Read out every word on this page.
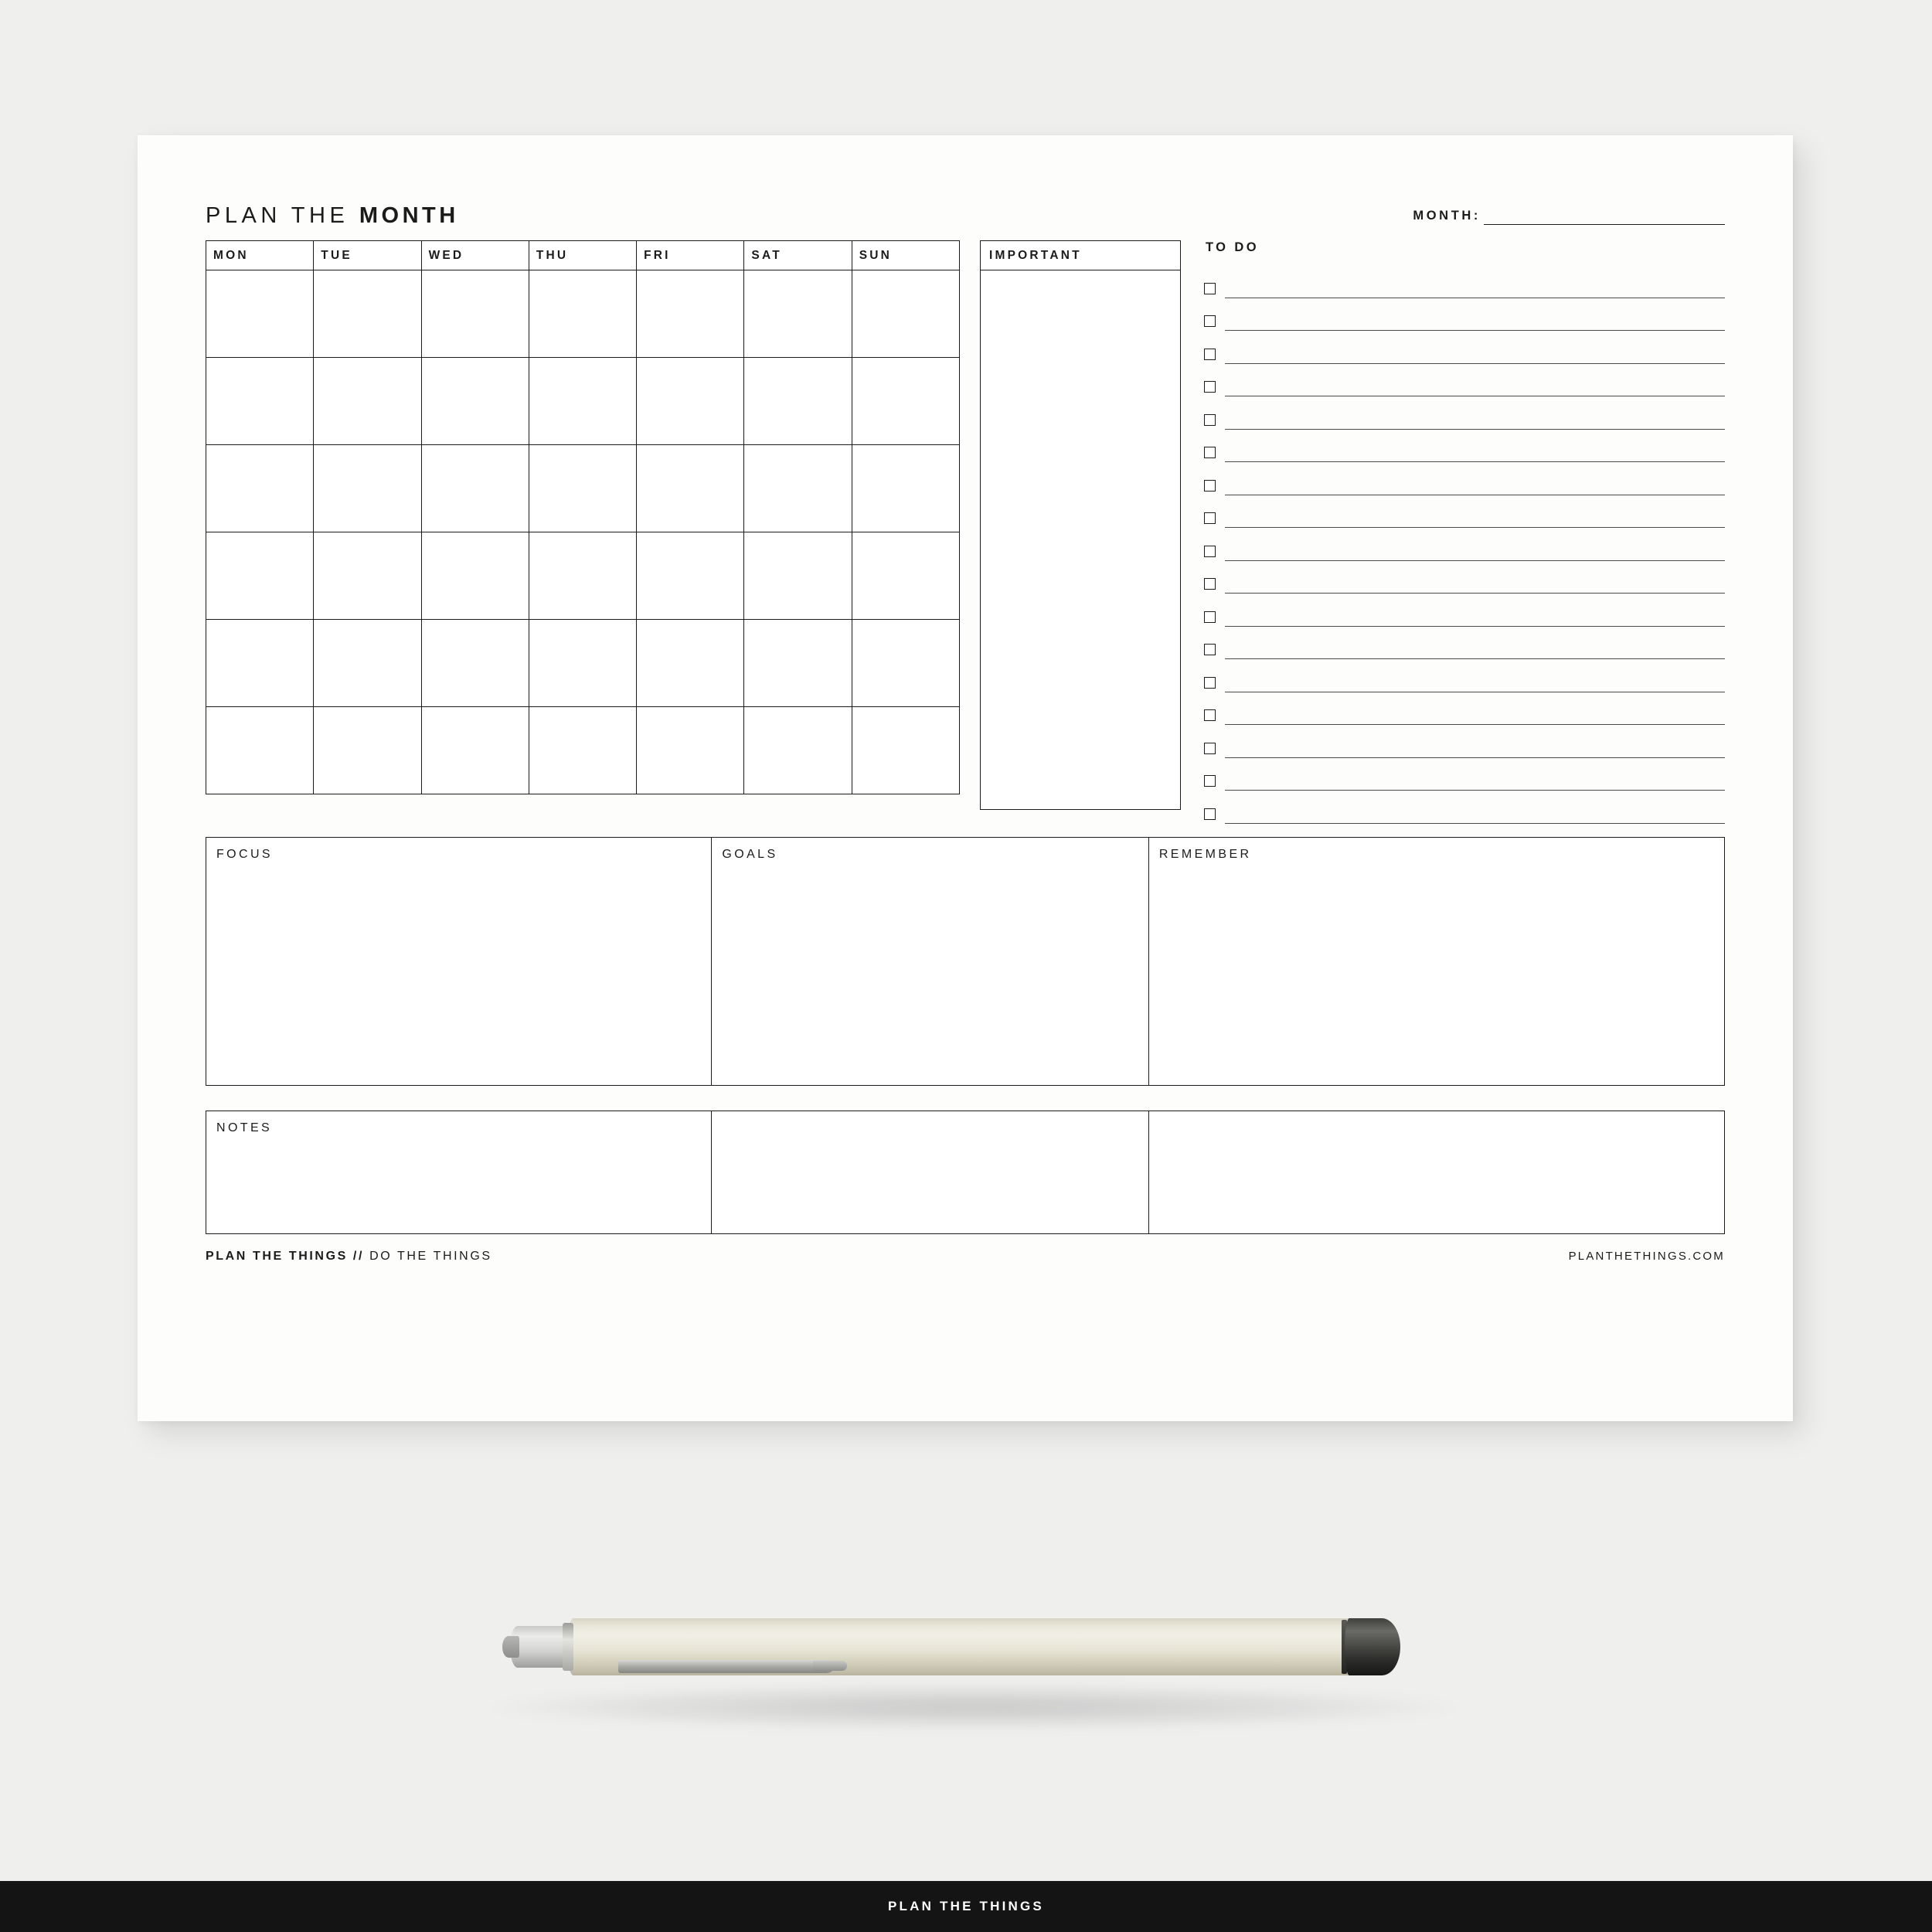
PLAN THE MONTH	MONTH:
MON	TUE	WED	THU	FRI	SAT	SUN	IMPORTANT
TO DO
FOCUS	GOALS	REMEMBER
NOTES
PLAN THE THINGS // DO THE THINGS	PLANTHETHINGS.COM
PLAN THE THINGS
